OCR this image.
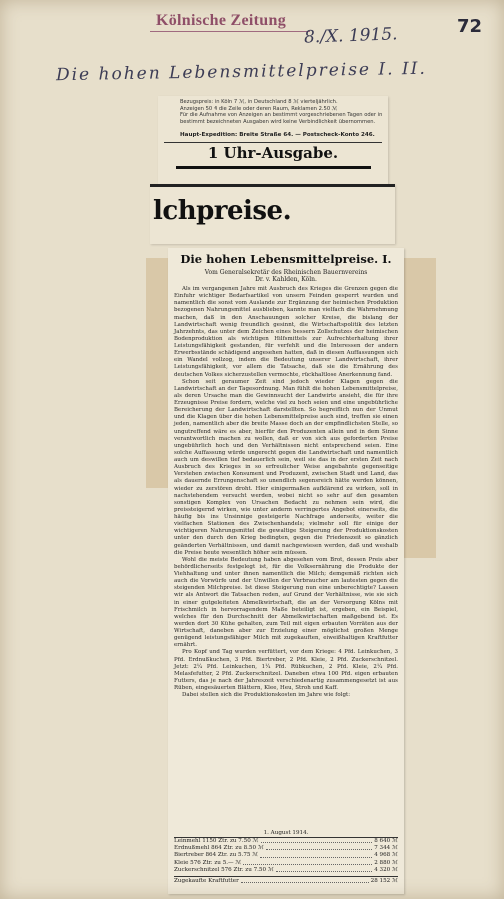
Kölnische Zeitung
8./X. 1915.	72
Die hohen Lebensmittelpreise I. II.
Bezugspreis: in Köln 7 ℳ, in Deutschland 8 ℳ vierteljährlich.
Anzeigen 50 ₰ die Zeile oder deren Raum, Reklamen 2.50 ℳ
Für die Aufnahme von Anzeigen an bestimmt vorgeschriebenen Tagen oder in
bestimmt bezeichneten Ausgaben wird keine Verbindlichkeit übernommen.
Haupt-Expedition: Breite Straße 64. — Postscheck-Konto 246.
1 Uhr-Ausgabe.
lchpreise.
Die hohen Lebensmittelpreise. I.
Vom Generalsekretär des Rheinischen Bauernvereins
Dr. v. Kahlden, Köln.

Als im vergangenen Jahre mit Ausbruch des Krieges die Grenzen gegen die Einfuhr wichtiger Bedarfsartikel von unsern Feinden gesperrt wurden und namentlich die sonst vom Auslande zur Ergänzung der heimischen Produktion bezogenen Nahrungsmittel ausblieben, kannte man vielfach die Wahrnehmung machen, daß in den Anschauungen solcher Kreise, die bislang der Landwirtschaft wenig freundlich gesinnt, die Wirtschaftspolitik des letzten Jahrzehnts, das unter dem Zeichen eines bessern Zollschutzes der heimischen Bodenproduktion als wichtigen Hilfsmittels zur Aufrechterhaltung ihrer Leistungsfähigkeit gestanden, für verfehlt und die Interessen der andern Erwerbsstände schädigend angesehen hatten, daß in diesen Auffassungen sich ein Wandel vollzog, indem die Bedeutung unserer Landwirtschaft, ihrer Leistungsfähigkeit, vor allem die Tatsache, daß sie die Ernährung des deutschen Volkes sicherzustellen vermochte, rückhaltlose Anerkennung fand.

Schon seit geraumer Zeit sind jedoch wieder Klagen gegen die Landwirtschaft an der Tagesordnung. Man fühlt die hohen Lebensmittelpreise, als deren Ursache man die Gewinnsucht der Landwirte ansieht, die für ihre Erzeugnisse Preise fordern, welche viel zu hoch seien und eine ungebührliche Bereicherung der Landwirtschaft darstellten. So begreiflich nun der Unmut und die Klagen über die hohen Lebensmittelpreise auch sind, treffen sie einen jeden, namentlich aber die breite Masse doch an der empfindlichsten Stelle, so ungutreffend wäre es aber, hierfür den Produzenten allein und in dem Sinne verantwortlich machen zu wollen, daß er von sich aus geforderten Preise ungebührlich hoch und den Verhältnissen nicht entsprechend seien. Eine solche Auffassung würde ungerecht gegen die Landwirtschaft und namentlich auch um deswillen tief bedauerlich sein, weil sie das in der ersten Zeit nach Ausbruch des Krieges in so erfreulicher Weise angebahnte gegenseitige Verstehen zwischen Konsument und Produzent, zwischen Stadt und Land, das als dauernde Errungenschaft so unendlich segensreich hätte werden können, wieder zu zerstören droht. Hier einigermaßen aufklärend zu wirken, soll in nachstehendem versucht werden, wobei nicht so sehr auf den gesamten sonstigen Komplex von Ursachen Bedacht zu nehmen sein wird, die preissteigernd wirken, wie unter anderm verringertes Angebot einerseits, die häufig bis ins Unsinnige gesteigerte Nachfrage anderseits, weiter die vielfachen Stationen des Zwischenhandels; vielmehr soll für einige der wichtigeren Nahrungsmittel die gewaltige Steigerung der Produktionskosten unter den durch den Krieg bedingten, gegen die Friedenszeit so gänzlich geänderten Verhältnissen, und damit nachgewiesen werden, daß und weshalb die Preise heute wesentlich höher sein müssen.

Wohl die meiste Bedeutung haben abgesehen vom Brot, dessen Preis aber behördlicherseits festgelegt ist, für die Volksernährung die Produkte der Viehhaltung und unter ihnen namentlich die Milch; demgemäß richten sich auch die Vorwürfe und der Unwillen der Verbraucher am lautesten gegen die steigenden Milchpreise. Ist diese Steigerung nun eine unberechtigte? Lassen wir als Antwort die Tatsachen reden, auf Grund der Verhältnisse, wie sie sich in einer gutgeleiteten Abmelkwirtschaft, die an der Versorgung Kölns mit Frischmilch in hervorragendem Maße beteiligt ist, ergeben, ein Beispiel, welches für den Durchschnitt der Abmelkwirtschaften maßgebend ist. Es werden dort 30 Kühe gehalten, zum Teil mit eigen erbauten Vorräten aus der Wirtschaft, daneben aber zur Erzielung einer möglichst großen Menge genügend leistungsfähiger Milch mit zugekauften, eiweißhaltigen Kraftfutter ernährt.

Pro Kopf und Tag wurden verfüttert, vor dem Kriege: 4 Pfd. Leinkuchen, 3 Pfd. Erdnußkuchen, 3 Pfd. Biertreber, 2 Pfd. Kleie, 2 Pfd. Zuckerschnitzel. Jetzt: 2¼ Pfd. Leinkuchen, 1¼ Pfd. Rübkuchen, 2 Pfd. Kleie, 2¼ Pfd. Melasfefutter, 2 Pfd. Zuckerschnitzel. Daneben etwa 100 Pfd. eigen erbauten Futters, das je nach der Jahreszeit verschiedenartig zusammengesetzt ist aus Rüben, eingesäuerten Blättern, Klee, Heu, Stroh und Kaff.

Dabei stellen sich die Produktionskosten im Jahre wie folgt:

1. August 1914.
Leinmehl 1150 Ztr. zu 7.50 ℳ	8 640 ℳ
Erdnußmehl 864 Ztr. zu 8.50 ℳ	7 344 ℳ
Biertreber 864 Ztr. zu 5.75 ℳ	4 968 ℳ
Kleie 576 Ztr. zu 5.— ℳ	2 880 ℳ
Zuckerschnitzel 576 Ztr. zu 7.50 ℳ	4 320 ℳ
Zugekaufte Kraftfutter	28 152 ℳ
